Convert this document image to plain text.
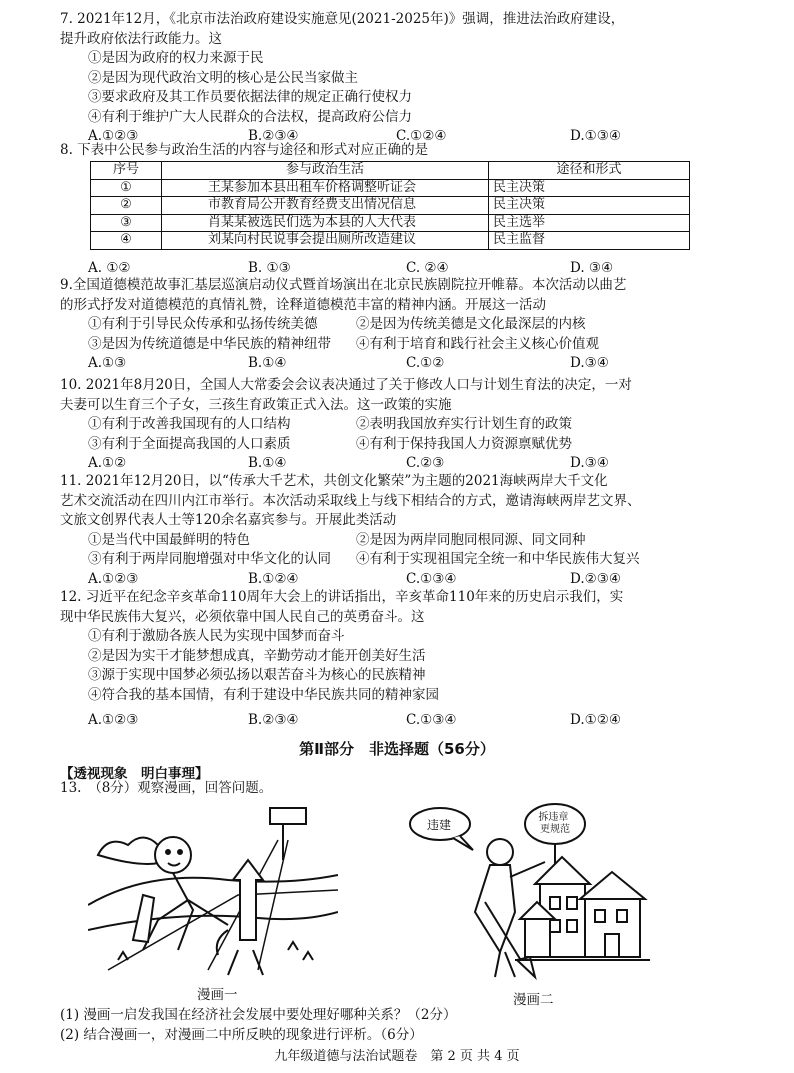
7. 2021年12月，《北京市法治政府建设实施意见(2021-2025年)》强调，推进法治政府建设，
提升政府依法行政能力。这
①是因为政府的权力来源于民
②是因为现代政治文明的核心是公民当家做主
③要求政府及其工作员要依据法律的规定正确行使权力
④有利于维护广大人民群众的合法权，提高政府公信力
A.①②③	B.②③④	C.①②④	D.①③④
8. 下表中公民参与政治生活的内容与途径和形式对应正确的是
序号	参与政治生活	途径和形式
①	王某参加本县出租车价格调整听证会	民主决策
②	市教育局公开教育经费支出情况信息	民主决策
③	肖某某被选民们选为本县的人大代表	民主选举
④	刘某向村民说事会提出厕所改造建议	民主监督
A. ①②	B. ①③	C. ②④	D. ③④
9.全国道德模范故事汇基层巡演启动仪式暨首场演出在北京民族剧院拉开帷幕。本次活动以曲艺
的形式抒发对道德模范的真情礼赞，诠释道德模范丰富的精神内涵。开展这一活动
①有利于引导民众传承和弘扬传统美德	②是因为传统美德是文化最深层的内核
③是因为传统道德是中华民族的精神纽带 ④有利于培育和践行社会主义核心价值观
A.①③	B.①④	C.①②	D.③④
10. 2021年8月20日，全国人大常委会会议表决通过了关于修改人口与计划生育法的决定，一对
夫妻可以生育三个子女，三孩生育政策正式入法。这一政策的实施
①有利于改善我国现有的人口结构	②表明我国放弃实行计划生育的政策
③有利于全面提高我国的人口素质	④有利于保持我国人力资源禀赋优势
A.①②	B.①④	C.②③	D.③④
11. 2021年12月20日，以“传承大千艺术，共创文化繁荣”为主题的2021海峡两岸大千文化
艺术交流活动在四川内江市举行。本次活动采取线上与线下相结合的方式，邀请海峡两岸艺文界、
文旅文创界代表人士等120余名嘉宾参与。开展此类活动
①是当代中国最鲜明的特色	②是因为两岸同胞同根同源、同文同种
③有利于两岸同胞增强对中华文化的认同 ④有利于实现祖国完全统一和中华民族伟大复兴
A.①②③	B.①②④	C.①③④	D.②③④
12. 习近平在纪念辛亥革命110周年大会上的讲话指出，辛亥革命110年来的历史启示我们，实
现中华民族伟大复兴，必须依靠中国人民自己的英勇奋斗。这
①有利于激励各族人民为实现中国梦而奋斗
②是因为实干才能梦想成真，辛勤劳动才能开创美好生活
③源于实现中国梦必须弘扬以艰苦奋斗为核心的民族精神
④符合我的基本国情，有利于建设中华民族共同的精神家园
A.①②③	B.②③④	C.①③④	D.①②④
第Ⅱ部分　非选择题（56分）
【透视现象　明白事理】
13.　（8分）观察漫画，回答问题。
漫画一
违建
拆违章 更规范
漫画二
(1) 漫画一启发我国在经济社会发展中要处理好哪种关系？（2分）
(2) 结合漫画一，对漫画二中所反映的现象进行评析。（6分）
九年级道德与法治试题卷　第 2 页 共 4 页
